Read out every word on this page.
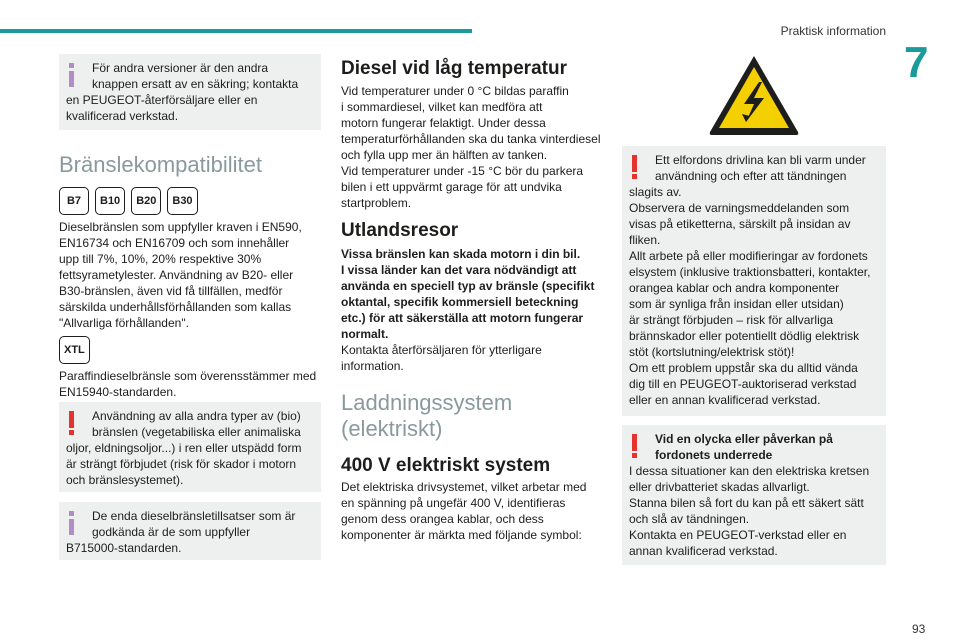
Praktisk information
7
93
För andra versioner är den andra
knappen ersatt av en säkring; kontakta
en PEUGEOT-återförsäljare eller en
kvalificerad verkstad.
Bränslekompatibilitet
B7	B10	B20	B30
Dieselbränslen som uppfyller kraven i EN590,
EN16734 och EN16709 och som innehåller
upp till 7%, 10%, 20% respektive 30%
fettsyrametylester. Användning av B20- eller
B30-bränslen, även vid få tillfällen, medför
särskilda underhållsförhållanden som kallas
"Allvarliga förhållanden".
XTL
Paraffindieselbränsle som överensstämmer med
EN15940-standarden.
Användning av alla andra typer av (bio)
bränslen (vegetabiliska eller animaliska
oljor, eldningsoljor...) i ren eller utspädd form
är strängt förbjudet (risk för skador i motorn
och bränslesystemet).
De enda dieselbränsletillsatser som är
godkända är de som uppfyller
B715000-standarden.
Diesel vid låg temperatur
Vid temperaturer under 0 °C bildas paraffin
i sommardiesel, vilket kan medföra att
motorn fungerar felaktigt. Under dessa
temperaturförhållanden ska du tanka vinterdiesel
och fylla upp mer än hälften av tanken.
Vid temperaturer under -15 °C bör du parkera
bilen i ett uppvärmt garage för att undvika
startproblem.
Utlandsresor
Vissa bränslen kan skada motorn i din bil.
I vissa länder kan det vara nödvändigt att
använda en speciell typ av bränsle (specifikt
oktantal, specifik kommersiell beteckning
etc.) för att säkerställa att motorn fungerar
normalt.
Kontakta återförsäljaren för ytterligare
information.
Laddningssystem
(elektriskt)
400 V elektriskt system
Det elektriska drivsystemet, vilket arbetar med
en spänning på ungefär 400 V, identifieras
genom dess orangea kablar, och dess
komponenter är märkta med följande symbol:
Ett elfordons drivlina kan bli varm under
användning och efter att tändningen
slagits av.
Observera de varningsmeddelanden som
visas på etiketterna, särskilt på insidan av
fliken.
Allt arbete på eller modifieringar av fordonets
elsystem (inklusive traktionsbatteri, kontakter,
orangea kablar och andra komponenter
som är synliga från insidan eller utsidan)
är strängt förbjuden – risk för allvarliga
brännskador eller potentiellt dödlig elektrisk
stöt (kortslutning/elektrisk stöt)!
Om ett problem uppstår ska du alltid vända
dig till en PEUGEOT-auktoriserad verkstad
eller en annan kvalificerad verkstad.
Vid en olycka eller påverkan på
fordonets underrede
I dessa situationer kan den elektriska kretsen
eller drivbatteriet skadas allvarligt.
Stanna bilen så fort du kan på ett säkert sätt
och slå av tändningen.
Kontakta en PEUGEOT-verkstad eller en
annan kvalificerad verkstad.
